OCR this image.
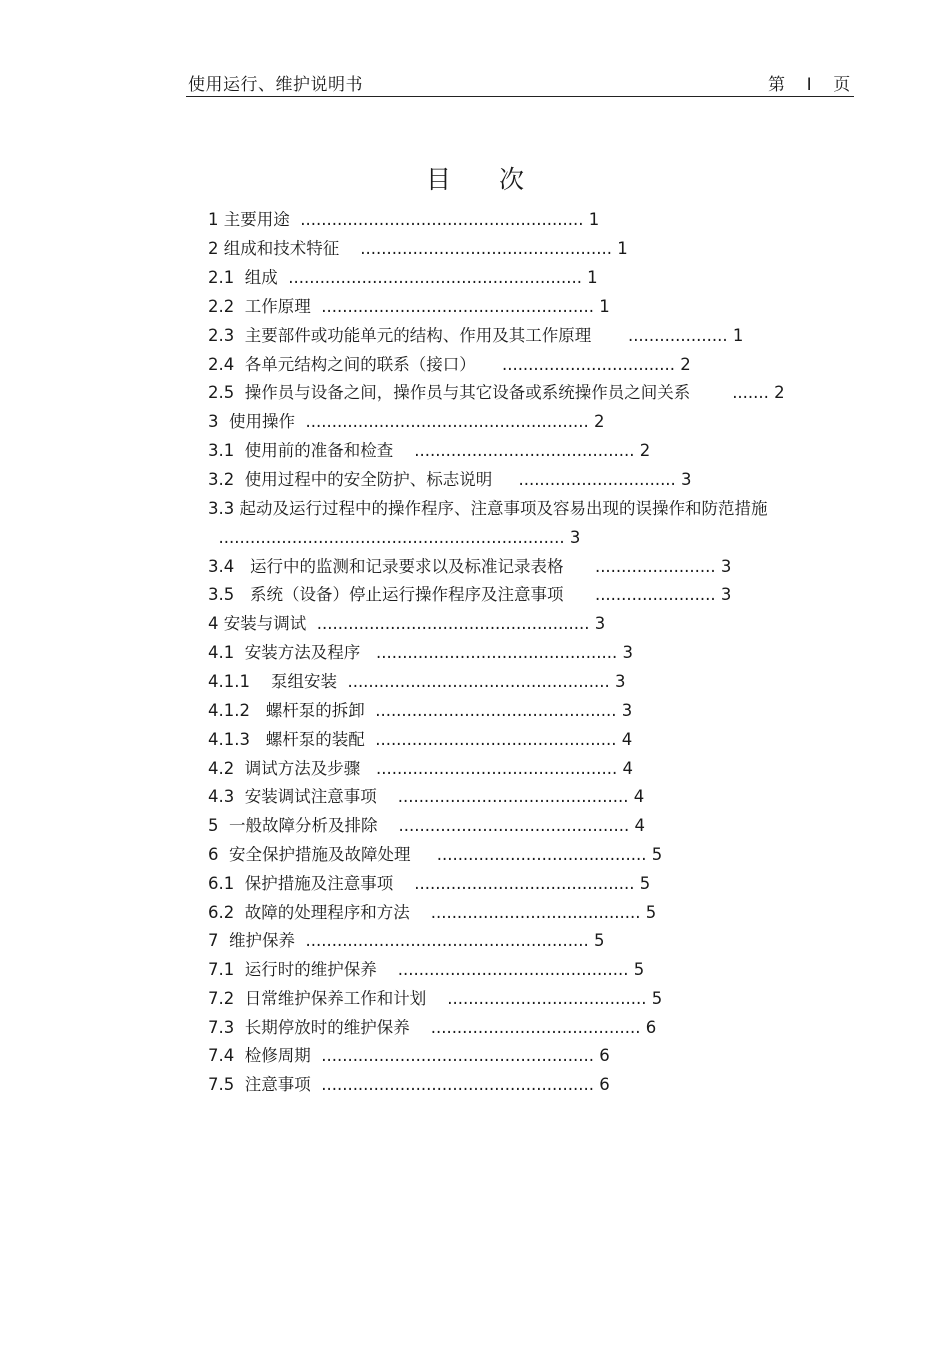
使用运行、维护说明书	第    I    页
目次
1 主要用途  ...................................................... 1
2 组成和技术特征    ................................................ 1
2.1  组成  ........................................................ 1
2.2  工作原理  .................................................... 1
2.3  主要部件或功能单元的结构、作用及其工作原理       ................... 1
2.4  各单元结构之间的联系（接口）     ................................. 2
2.5  操作员与设备之间，操作员与其它设备或系统操作员之间关系        ....... 2
3  使用操作  ...................................................... 2
3.1  使用前的准备和检查    .......................................... 2
3.2  使用过程中的安全防护、标志说明     .............................. 3
3.3 起动及运行过程中的操作程序、注意事项及容易出现的误操作和防范措施
.................................................................. 3
3.4   运行中的监测和记录要求以及标准记录表格      ....................... 3
3.5   系统（设备）停止运行操作程序及注意事项      ....................... 3
4 安装与调试  .................................................... 3
4.1  安装方法及程序   .............................................. 3
4.1.1    泵组安装  .................................................. 3
4.1.2   螺杆泵的拆卸  .............................................. 3
4.1.3   螺杆泵的装配  .............................................. 4
4.2  调试方法及步骤   .............................................. 4
4.3  安装调试注意事项    ............................................ 4
5  一般故障分析及排除    ............................................ 4
6  安全保护措施及故障处理     ........................................ 5
6.1  保护措施及注意事项    .......................................... 5
6.2  故障的处理程序和方法    ........................................ 5
7  维护保养  ...................................................... 5
7.1  运行时的维护保养    ............................................ 5
7.2  日常维护保养工作和计划    ...................................... 5
7.3  长期停放时的维护保养    ........................................ 6
7.4  检修周期  .................................................... 6
7.5  注意事项  .................................................... 6
